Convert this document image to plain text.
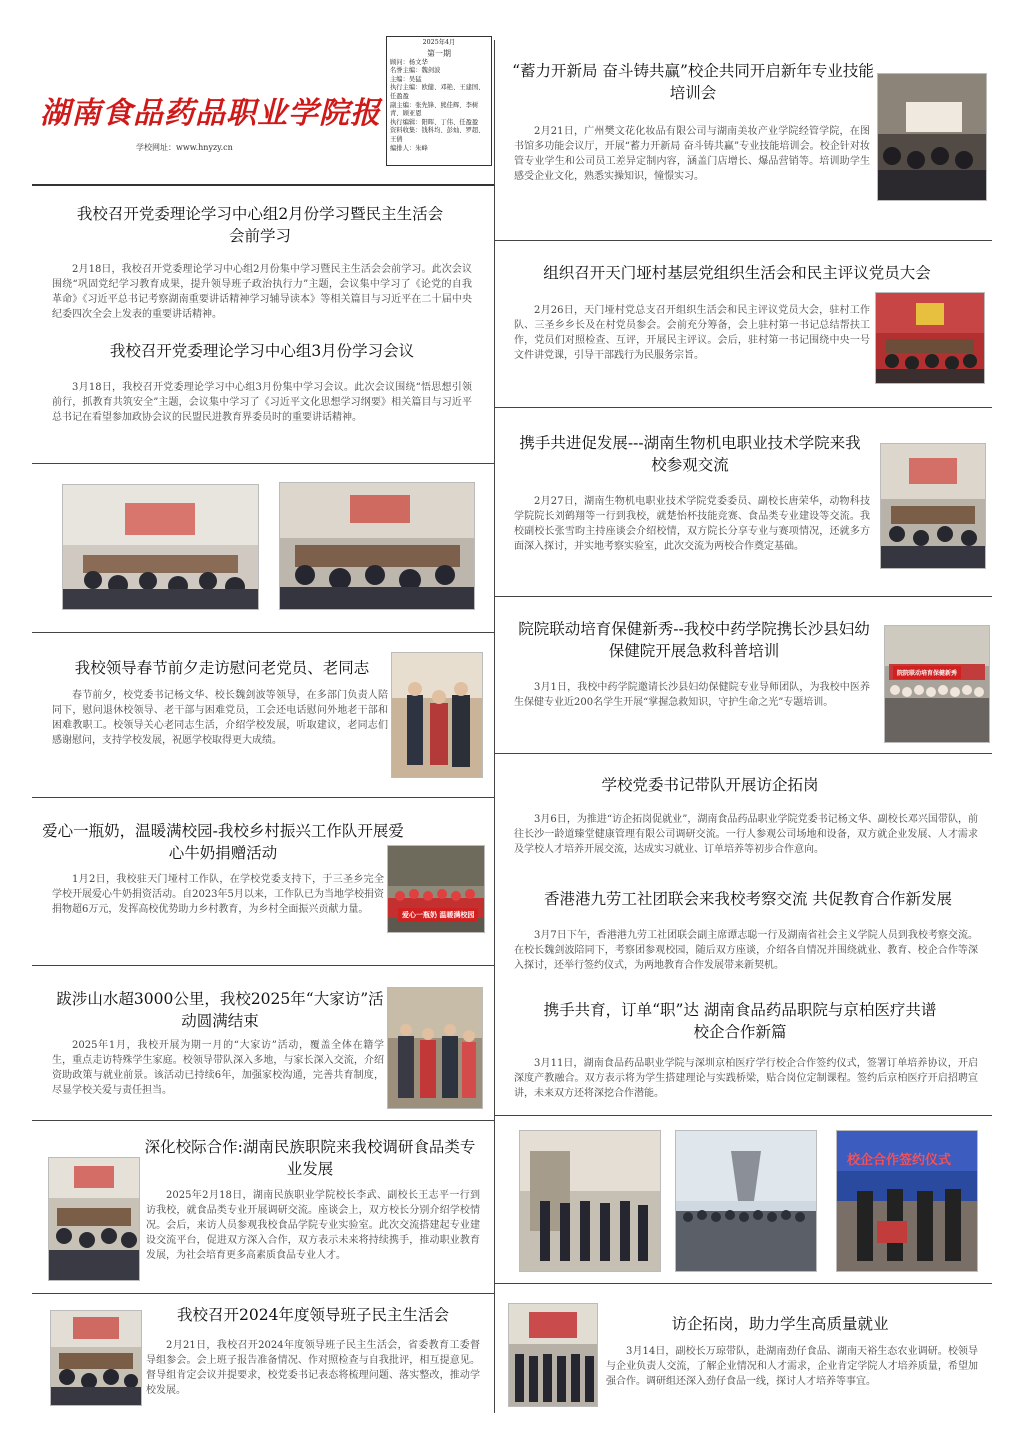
湖南食品药品职业学院报
学校网址：www.hnyzy.cn
2025年4月
第一期
顾问：杨文华
名誉主编：魏剑波
主编：吴猛
执行主编：欧健、邓艳、王建国、任盈盈
副主编：张先锋、熊佳辉、李树青、顾亚恩
执行编辑：阳晖、丁伟、任盈盈
资料收集：钱科均、彭灿、罗超、王倩
编排人：朱峰
我校召开党委理论学习中心组2月份学习暨民主生活会会前学习
2月18日，我校召开党委理论学习中心组2月份集中学习暨民主生活会会前学习。此次会议围绕“巩固党纪学习教育成果，提升领导班子政治执行力”主题，会议集中学习了《论党的自我革命》《习近平总书记考察湖南重要讲话精神学习辅导读本》等相关篇目与习近平在二十届中央纪委四次全会上发表的重要讲话精神。
我校召开党委理论学习中心组3月份学习会议
3月18日，我校召开党委理论学习中心组3月份集中学习会议。此次会议围绕“悟思想引领前行，抓教育共筑安全”主题，会议集中学习了《习近平文化思想学习纲要》相关篇目与习近平总书记在看望参加政协会议的民盟民进教育界委员时的重要讲话精神。
我校领导春节前夕走访慰问老党员、老同志
春节前夕，校党委书记杨文华、校长魏剑波等领导，在多部门负责人陪同下，慰问退休校领导、老干部与困难党员，工会还电话慰问外地老干部和困难教职工。校领导关心老同志生活，介绍学校发展，听取建议，老同志们感谢慰问，支持学校发展，祝愿学校取得更大成绩。
爱心一瓶奶，温暖满校园-我校乡村振兴工作队开展爱心牛奶捐赠活动
1月2日，我校驻天门垭村工作队，在学校党委支持下，于三圣乡完全学校开展爱心牛奶捐资活动。自2023年5月以来，工作队已为当地学校捐资捐物超6万元，发挥高校优势助力乡村教育，为乡村全面振兴贡献力量。	爱心一瓶奶 温暖满校园
跋涉山水超3000公里，我校2025年“大家访”活动圆满结束
2025年1月，我校开展为期一月的“大家访”活动，覆盖全体在籍学生，重点走访特殊学生家庭。校领导带队深入多地，与家长深入交流，介绍资助政策与就业前景。该活动已持续6年，加强家校沟通，完善共育制度，尽显学校关爱与责任担当。
深化校际合作:湖南民族职院来我校调研食品类专业发展
2025年2月18日，湖南民族职业学院校长李武、副校长王志平一行到访我校，就食品类专业开展调研交流。座谈会上，双方校长分别介绍学校情况。会后，来访人员参观我校食品学院专业实验室。此次交流搭建起专业建设交流平台，促进双方深入合作，双方表示未来将持续携手，推动职业教育发展，为社会培育更多高素质食品专业人才。
我校召开2024年度领导班子民主生活会
2月21日，我校召开2024年度领导班子民主生活会，省委教育工委督导组参会。会上班子报告准备情况、作对照检查与自我批评，相互提意见。督导组肯定会议并提要求，校党委书记表态将梳理问题、落实整改，推动学校发展。
“蓄力开新局 奋斗铸共赢”校企共同开启新年专业技能培训会
2月21日，广州樊文花化妆品有限公司与湖南美妆产业学院经管学院，在图书馆多功能会议厅，开展“蓄力开新局 奋斗铸共赢”专业技能培训会。校企针对妆管专业学生和公司员工差异定制内容，涵盖门店增长、爆品营销等。培训助学生感受企业文化，熟悉实操知识，憧憬实习。
组织召开天门垭村基层党组织生活会和民主评议党员大会
2月26日，天门垭村党总支召开组织生活会和民主评议党员大会，驻村工作队、三圣乡乡长及在村党员参会。会前充分筹备，会上驻村第一书记总结帮扶工作，党员们对照检查、互评，开展民主评议。会后，驻村第一书记围绕中央一号文件讲党课，引导干部践行为民服务宗旨。
携手共进促发展---湖南生物机电职业技术学院来我校参观交流
2月27日，湖南生物机电职业技术学院党委委员、副校长唐荣华，动物科技学院院长刘鹤翔等一行到我校，就楚怡杯技能竞赛、食品类专业建设等交流。我校副校长张雪昀主持座谈会介绍校情，双方院长分享专业与赛项情况，还就多方面深入探讨，并实地考察实验室，此次交流为两校合作奠定基础。
院院联动培育保健新秀--我校中药学院携长沙县妇幼保健院开展急救科普培训
3月1日，我校中药学院邀请长沙县妇幼保健院专业导师团队，为我校中医养生保健专业近200名学生开展“掌握急救知识，守护生命之光”专题培训。
院院联动培育保健新秀
学校党委书记带队开展访企拓岗
3月6日，为推进“访企拓岗促就业”，湖南食品药品职业学院党委书记杨文华、副校长邓兴国带队，前往长沙一龄道臻堂健康管理有限公司调研交流。一行人参观公司场地和设备，双方就企业发展、人才需求及学校人才培养开展交流，达成实习就业、订单培养等初步合作意向。
香港港九劳工社团联会来我校考察交流 共促教育合作新发展
3月7日下午，香港港九劳工社团联会副主席谭志聪一行及湖南省社会主义学院人员到我校考察交流。在校长魏剑波陪同下，考察团参观校园，随后双方座谈，介绍各自情况并围绕就业、教育、校企合作等深入探讨，还举行签约仪式，为两地教育合作发展带来新契机。
携手共育，订单“职”达 湖南食品药品职院与京柏医疗共谱校企合作新篇
3月11日，湖南食品药品职业学院与深圳京柏医疗学行校企合作签约仪式，签署订单培养协议，开启深度产教融合。双方表示将为学生搭建理论与实践桥梁，贴合岗位定制课程。签约后京柏医疗开启招聘宣讲，未来双方还将深挖合作潜能。
校企合作签约仪式
访企拓岗，助力学生高质量就业
3月14日，副校长万琼带队，赴湖南劲仔食品、湖南天裕生态农业调研。校领导与企业负责人交流，了解企业情况和人才需求，企业肯定学院人才培养质量，希望加强合作。调研组还深入劲仔食品一线，探讨人才培养等事宜。
